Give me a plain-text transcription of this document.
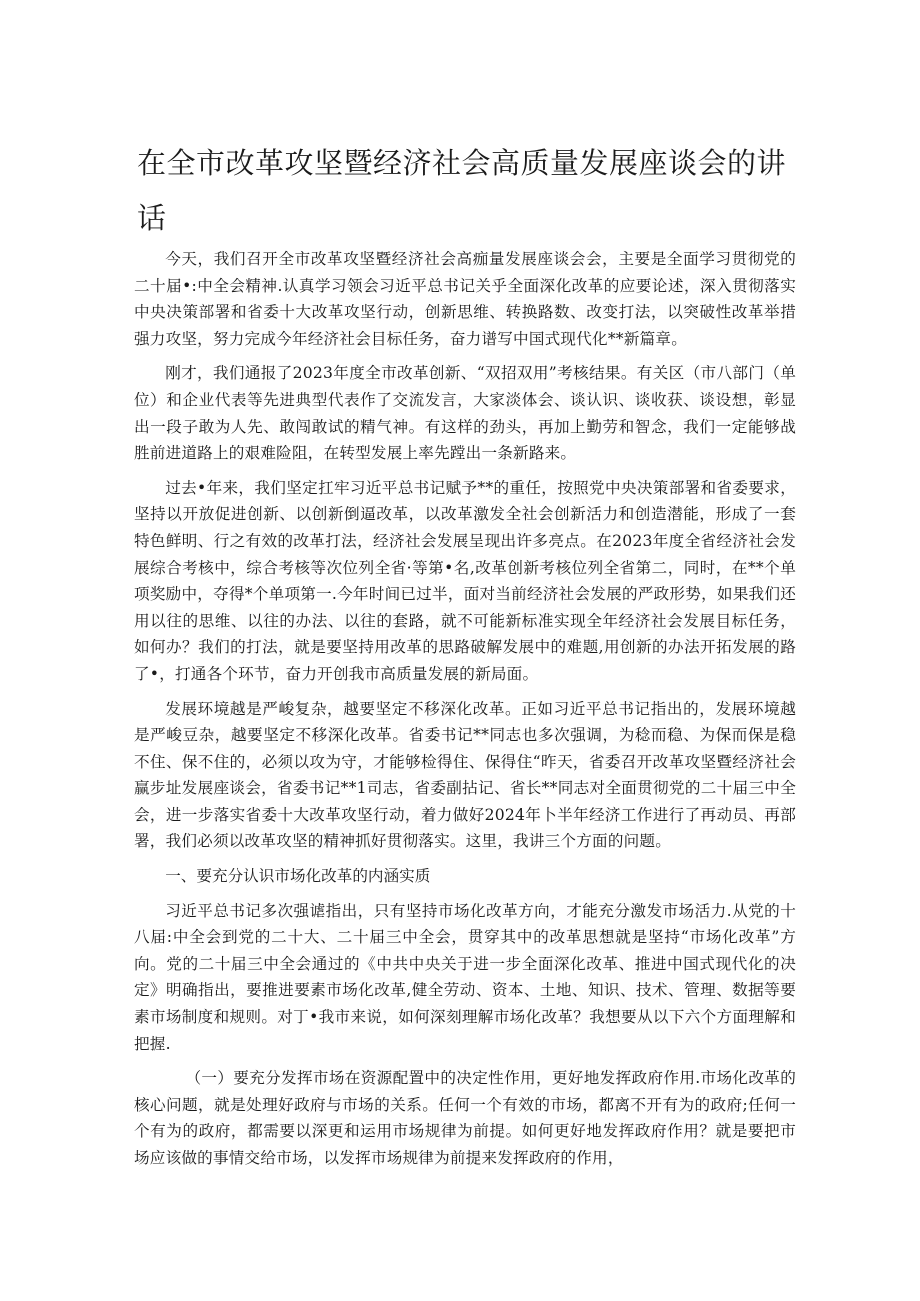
在全市改革攻坚暨经济社会高质量发展座谈会的讲话

今天，我们召开全市改革攻坚暨经济社会高痂量发展座谈会会，主要是全面学习贯彻党的二十届•:中全会精神.认真学习领会习近平总书记关乎全面深化改革的应要论述，深入贯彻落实中央决策部署和省委十大改革攻坚行动，创新思维、转换路数、改变打法，以突破性改革举措强力攻坚，努力完成今年经济社会目标任务，奋力谱写中国式现代化**新篇章。

刚才，我们通报了2023年度全市改革创新、“双招双用”考核结果。有关区（市八部门（单位）和企业代表等先进典型代表作了交流发言，大家淡体会、谈认识、谈收获、谈设想，彰显出一段子敢为人先、敢闯敢试的精气神。有这样的劲头，再加上勤劳和智念，我们一定能够战胜前进道路上的艰难险阻，在转型发展上率先蹚出一条新路来。

过去•年来，我们坚定扛牢习近平总书记赋予**的重任，按照党中央决策部署和省委要求，坚持以开放促进创新、以创新倒逼改革，以改革激发全社会创新活力和创造潜能，形成了一套特色鲜明、行之有效的改革打法，经济社会发展呈现出许多亮点。在2023年度全省经济社会发展综合考核中，综合考核等次位列全省·等第•名,改革创新考核位列全省第二，同时，在**个单项奖励中，夺得*个单项第一.今年时间已过半，面对当前经济社会发展的严政形势，如果我们还用以往的思维、以往的办法、以往的套路，就不可能新标准实现全年经济社会发展目标任务，如何办？我们的打法，就是要坚持用改革的思路破解发展中的难题,用创新的办法开拓发展的路了•，打通各个环节，奋力开创我市高质量发展的新局面。

发展环境越是严峻复杂，越要坚定不移深化改革。正如习近平总书记指出的，发展环境越是严峻豆杂，越要坚定不移深化改革。省委书记**同志也多次强调，为稔而稳、为保而保是稳不住、保不住的，必须以攻为守，才能够检得住、保得住“昨天，省委召开改革攻坚暨经济社会赢步址发展座谈会，省委书记**1司志，省委副拈记、省长**同志对全面贯彻党的二十届三中全会，进一步落实省委十大改革攻坚行动，着力做好2024年卜半年经济工作进行了再动员、再部署，我们必须以改革攻坚的精神抓好贯彻落实。这里，我讲三个方面的问题。

一、要充分认识市场化改革的内涵实质

习近平总书记多次强谑指出，只有坚持市场化改革方向，才能充分激发市场活力.从党的十八届:中全会到党的二十大、二十届三中全会，贯穿其中的改革思想就是坚持“市场化改革”方向。党的二十届三中全会通过的《中共中央关于进一步全面深化改革、推进中国式现代化的决定》明确指出，要推进要素市场化改革,健全劳动、资本、土地、知识、技术、管理、数据等要素市场制度和规则。对丁•我市来说，如何深刻理解市场化改革？我想要从以下六个方面理解和把握.

（一）要充分发挥市场在资源配置中的决定性作用，更好地发挥政府作用.市场化改革的核心问题，就是处理好政府与市场的关系。任何一个有效的市场，都离不开有为的政府;任何一个有为的政府，都需要以深更和运用市场规律为前提。如何更好地发挥政府作用？就是要把市场应该做的事情交给市场，以发挥市场规律为前提来发挥政府的作用，
